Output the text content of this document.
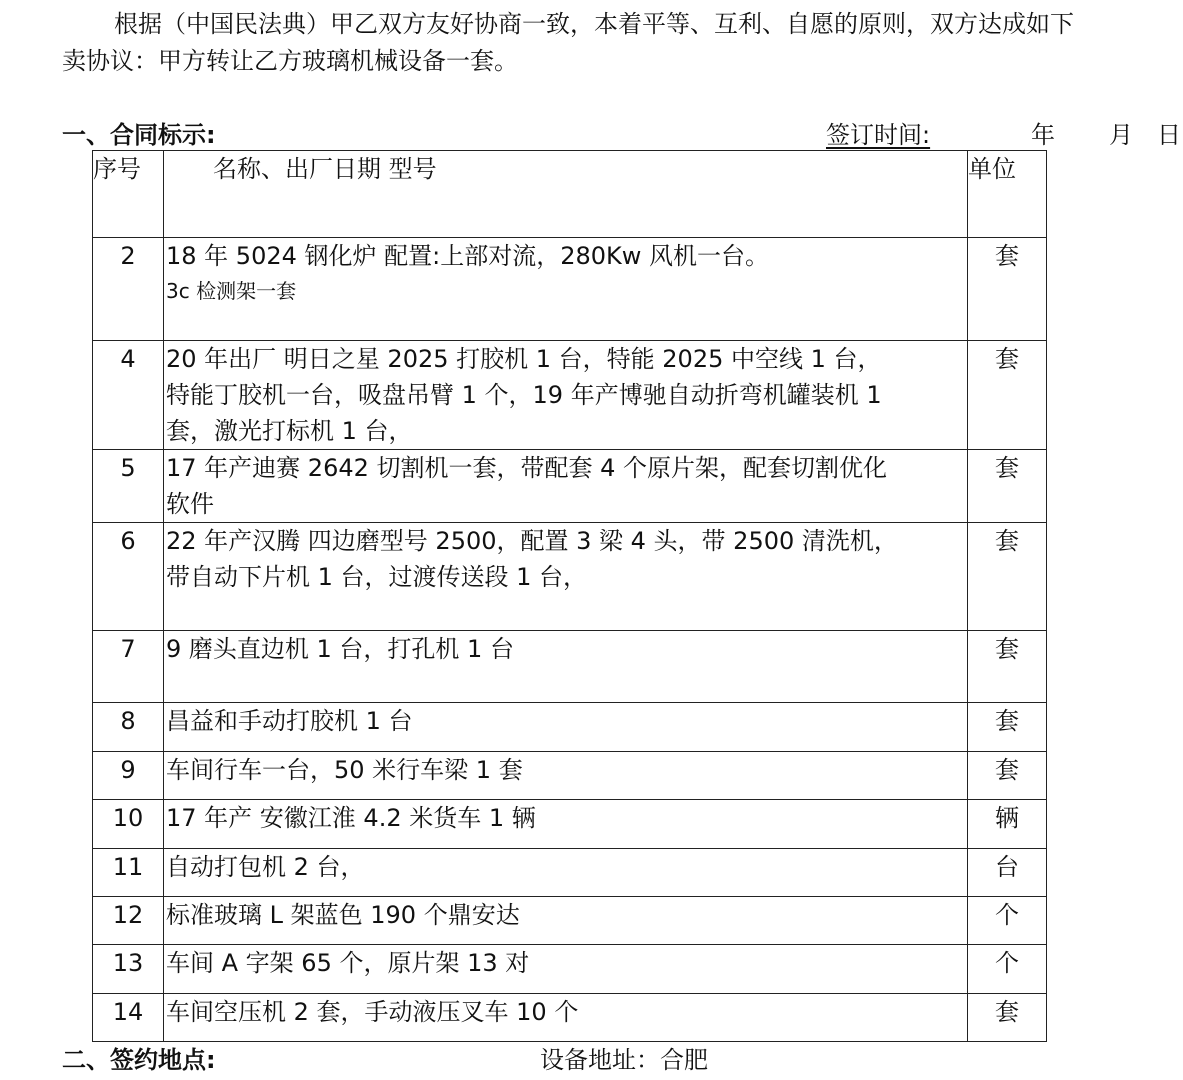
根据（中国民法典）甲乙双方友好协商一致，本着平等、互利、自愿的原则，双方达成如下
卖协议：甲方转让乙方玻璃机械设备一套。
一、合同标示:	签订时间:	年 月 日
序号	名称、出厂日期 型号	单位
2	18 年 5024 钢化炉 配置:上部对流，280Kw 风机一台。
3c 检测架一套	套
4	20 年出厂 明日之星 2025 打胶机 1 台，特能 2025 中空线 1 台，
特能丁胶机一台，吸盘吊臂 1 个，19 年产博驰自动折弯机罐装机 1
套，激光打标机 1 台，	套
5	17 年产迪赛 2642 切割机一套，带配套 4 个原片架，配套切割优化
软件	套
6	22 年产汉腾 四边磨型号 2500，配置 3 梁 4 头，带 2500 清洗机，
带自动下片机 1 台，过渡传送段 1 台，	套
7	9 磨头直边机 1 台，打孔机 1 台	套
8	昌益和手动打胶机 1 台	套
9	车间行车一台，50 米行车梁 1 套	套
10	17 年产 安徽江淮 4.2 米货车 1 辆	辆
11	自动打包机 2 台，	台
12	标准玻璃 L 架蓝色 190 个鼎安达	个
13	车间 A 字架 65 个，原片架 13 对	个
14	车间空压机 2 套，手动液压叉车 10 个	套
二、签约地点:	设备地址：合肥
